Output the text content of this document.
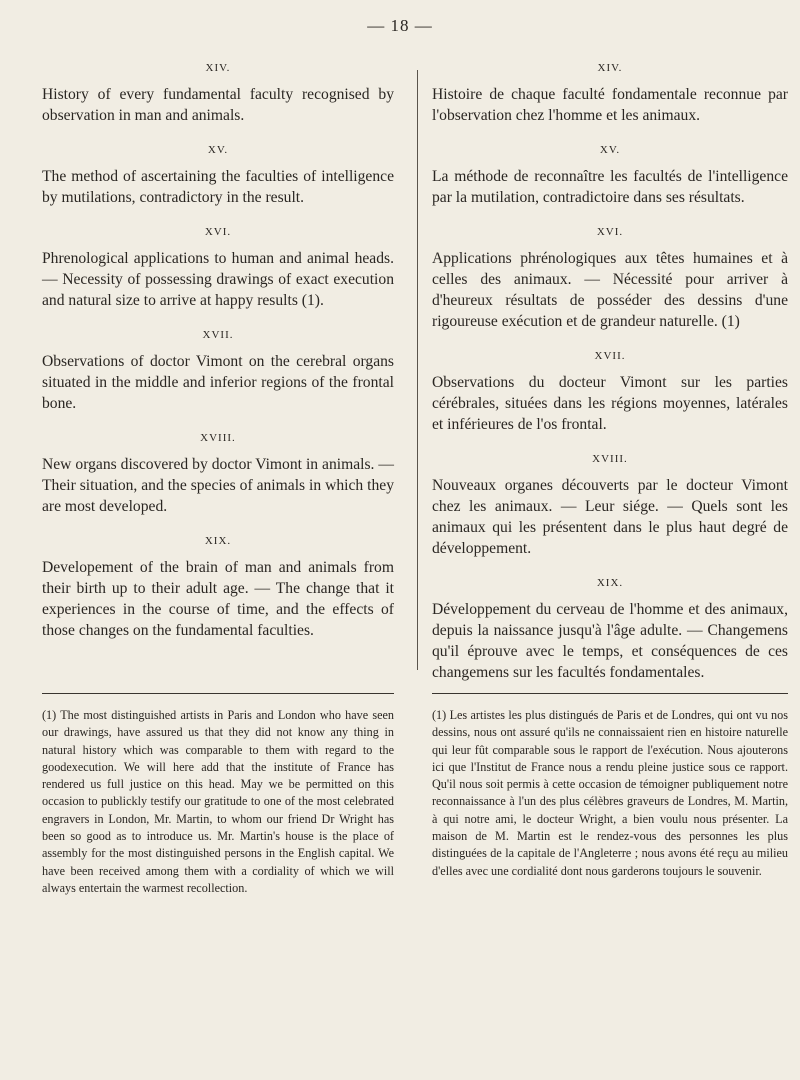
— 18 —
XIV.
History of every fundamental faculty recognised by observation in man and animals.
XV.
The method of ascertaining the faculties of intelligence by mutilations, contradictory in the result.
XVI.
Phrenological applications to human and animal heads. — Necessity of possessing drawings of exact execution and natural size to arrive at happy results (1).
XVII.
Observations of doctor Vimont on the cerebral organs situated in the middle and inferior regions of the frontal bone.
XVIII.
New organs discovered by doctor Vimont in animals. — Their situation, and the species of animals in which they are most developed.
XIX.
Developement of the brain of man and animals from their birth up to their adult age. — The change that it experiences in the course of time, and the effects of those changes on the fundamental faculties.
XIV.
Histoire de chaque faculté fondamentale reconnue par l'observation chez l'homme et les animaux.
XV.
La méthode de reconnaître les facultés de l'intelligence par la mutilation, contradictoire dans ses résultats.
XVI.
Applications phrénologiques aux têtes humaines et à celles des animaux. — Nécessité pour arriver à d'heureux résultats de posséder des dessins d'une rigoureuse exécution et de grandeur naturelle. (1)
XVII.
Observations du docteur Vimont sur les parties cérébrales, situées dans les régions moyennes, latérales et inférieures de l'os frontal.
XVIII.
Nouveaux organes découverts par le docteur Vimont chez les animaux. — Leur siége. — Quels sont les animaux qui les présentent dans le plus haut degré de développement.
XIX.
Développement du cerveau de l'homme et des animaux, depuis la naissance jusqu'à l'âge adulte. — Changemens qu'il éprouve avec le temps, et conséquences de ces changemens sur les facultés fondamentales.
(1) The most distinguished artists in Paris and London who have seen our drawings, have assured us that they did not know any thing in natural history which was comparable to them with regard to the goodexecution. We will here add that the institute of France has rendered us full justice on this head. May we be permitted on this occasion to publickly testify our gratitude to one of the most celebrated engravers in London, Mr. Martin, to whom our friend Dr Wright has been so good as to introduce us. Mr. Martin's house is the place of assembly for the most distinguished persons in the English capital. We have been received among them with a cordiality of which we will always entertain the warmest recollection.
(1) Les artistes les plus distingués de Paris et de Londres, qui ont vu nos dessins, nous ont assuré qu'ils ne connaissaient rien en histoire naturelle qui leur fût comparable sous le rapport de l'exécution. Nous ajouterons ici que l'Institut de France nous a rendu pleine justice sous ce rapport. Qu'il nous soit permis à cette occasion de témoigner publiquement notre reconnaissance à l'un des plus célèbres graveurs de Londres, M. Martin, à qui notre ami, le docteur Wright, a bien voulu nous présenter. La maison de M. Martin est le rendez-vous des personnes les plus distinguées de la capitale de l'Angleterre ; nous avons été reçu au milieu d'elles avec une cordialité dont nous garderons toujours le souvenir.
